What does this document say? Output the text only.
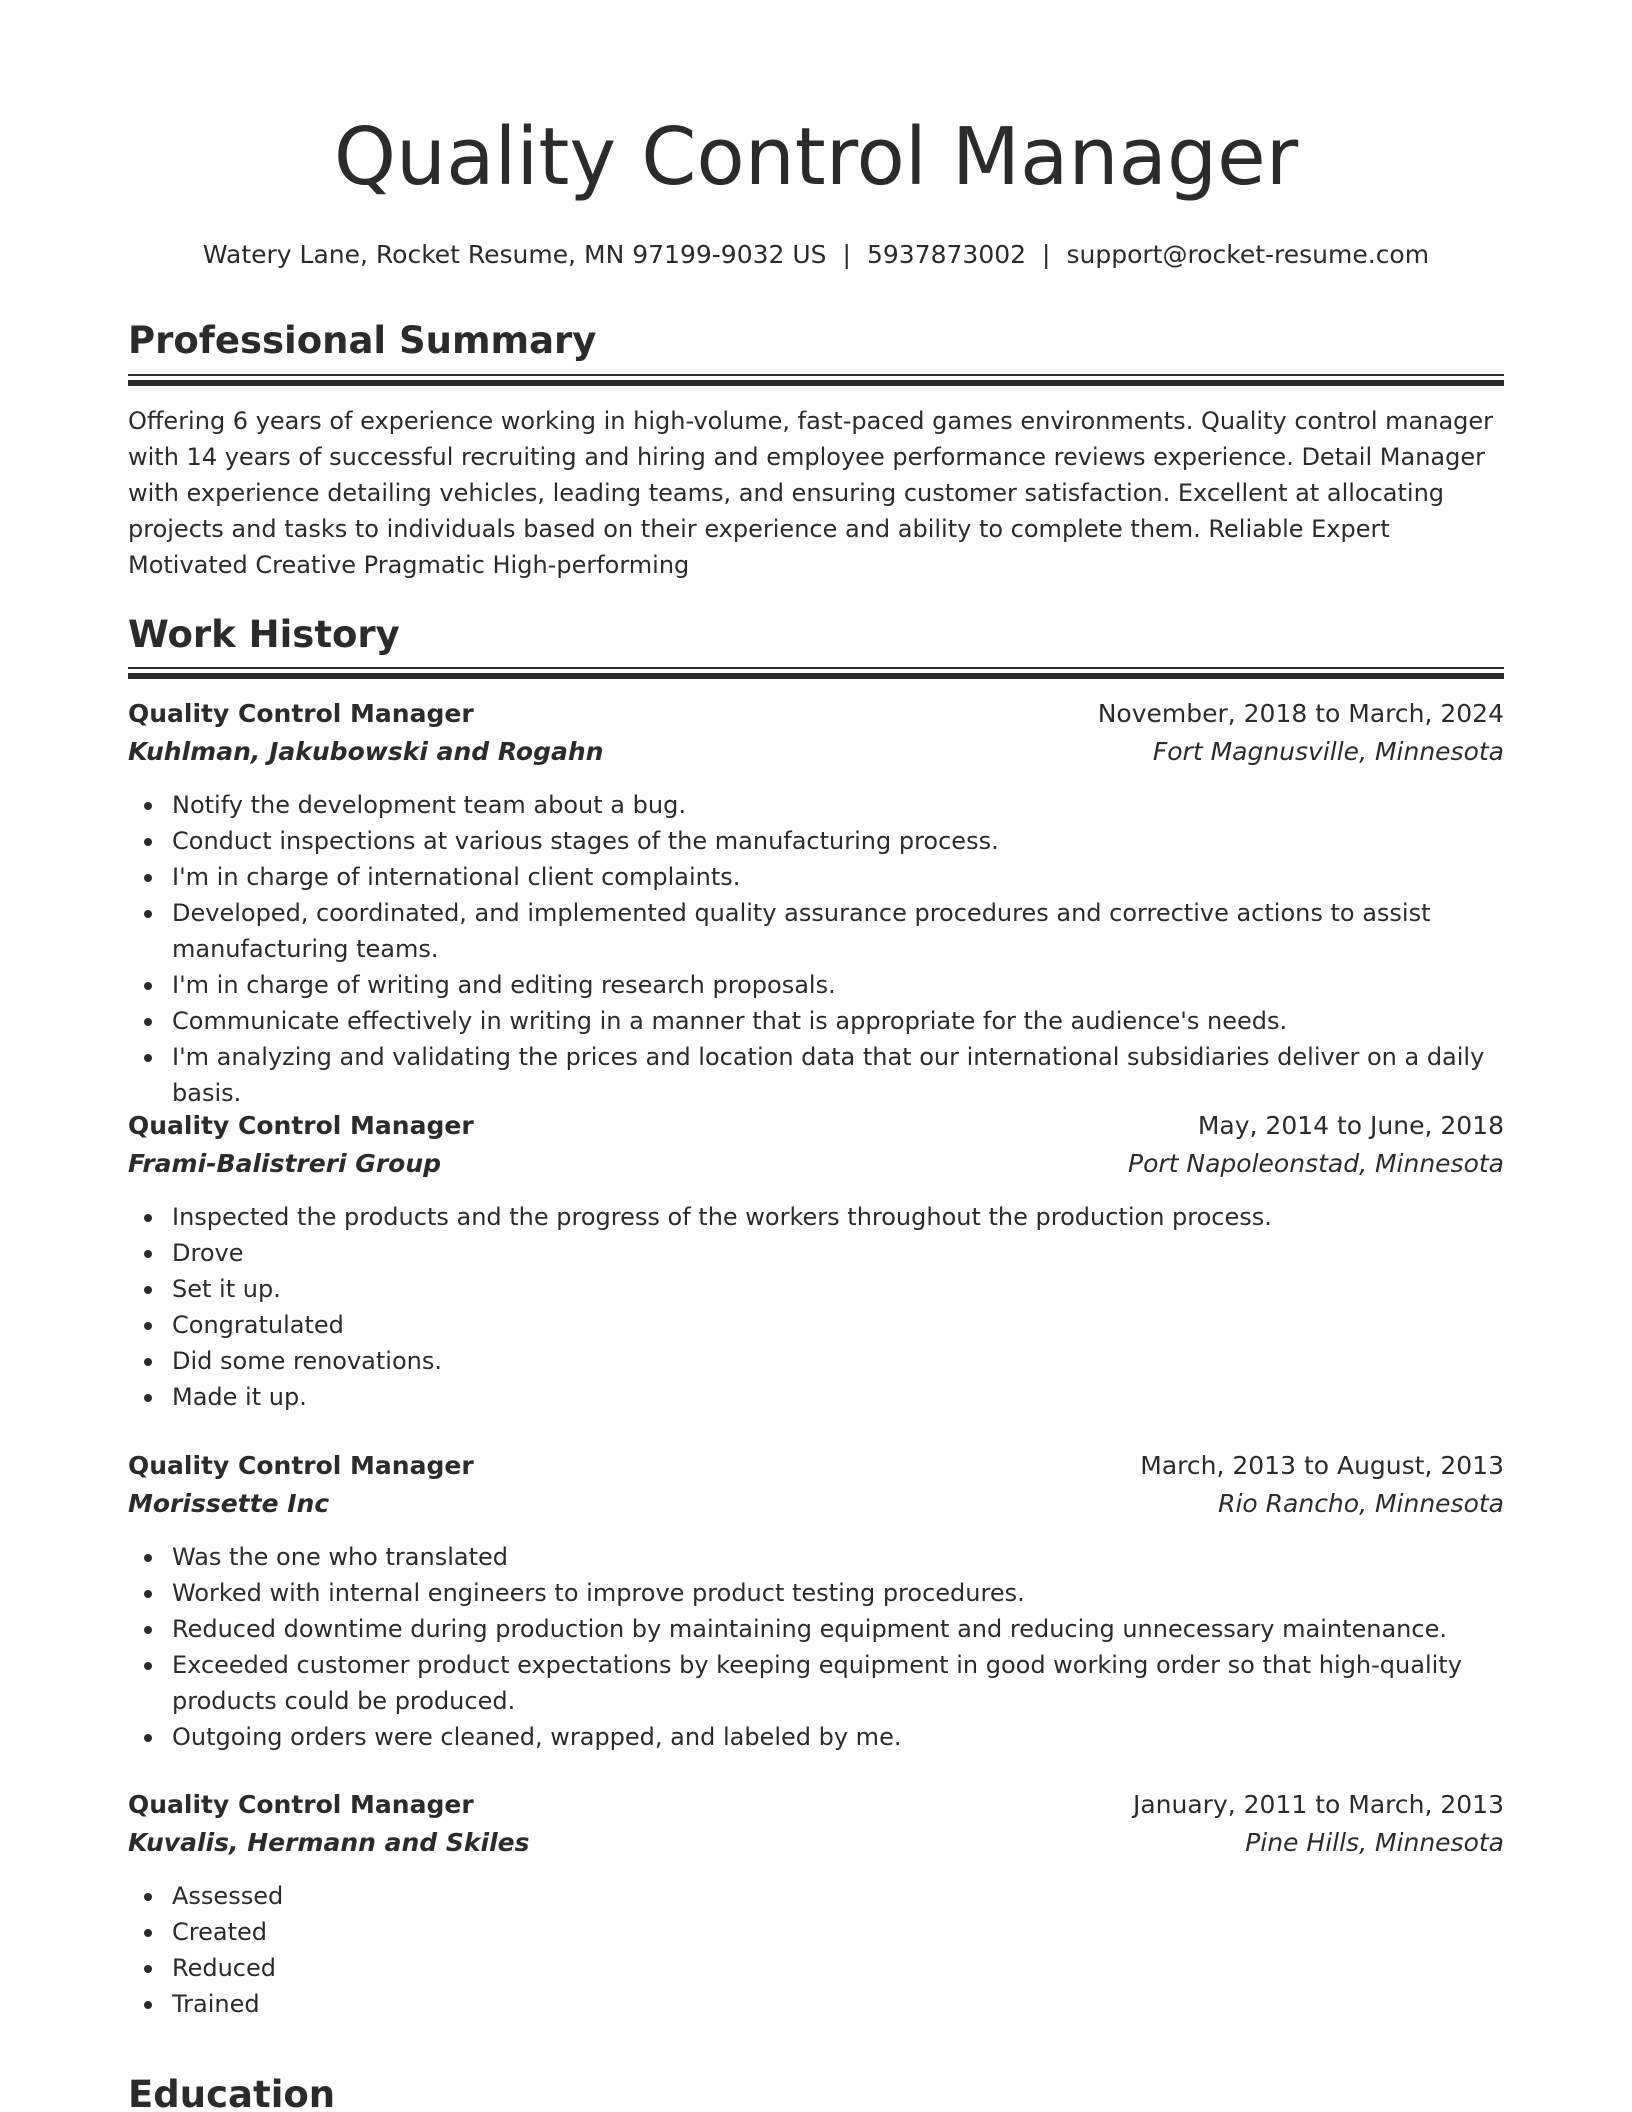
Quality Control Manager
Watery Lane, Rocket Resume, MN 97199-9032 US | 5937873002 | support@rocket-resume.com
Professional Summary

Offering 6 years of experience working in high-volume, fast-paced games environments. Quality control manager with 14 years of successful recruiting and hiring and employee performance reviews experience. Detail Manager with experience detailing vehicles, leading teams, and ensuring customer satisfaction. Excellent at allocating projects and tasks to individuals based on their experience and ability to complete them. Reliable Expert Motivated Creative Pragmatic High-performing

Work History
Quality Control Manager	November, 2018 to March, 2024
Kuhlman, Jakubowski and Rogahn	Fort Magnusville, Minnesota
Notify the development team about a bug.
Conduct inspections at various stages of the manufacturing process.
I'm in charge of international client complaints.
Developed, coordinated, and implemented quality assurance procedures and corrective actions to assist manufacturing teams.
I'm in charge of writing and editing research proposals.
Communicate effectively in writing in a manner that is appropriate for the audience's needs.
I'm analyzing and validating the prices and location data that our international subsidiaries deliver on a daily basis.
Quality Control Manager	May, 2014 to June, 2018
Frami-Balistreri Group	Port Napoleonstad, Minnesota
Inspected the products and the progress of the workers throughout the production process.
Drove
Set it up.
Congratulated
Did some renovations.
Made it up.
Quality Control Manager	March, 2013 to August, 2013
Morissette Inc	Rio Rancho, Minnesota
Was the one who translated
Worked with internal engineers to improve product testing procedures.
Reduced downtime during production by maintaining equipment and reducing unnecessary maintenance.
Exceeded customer product expectations by keeping equipment in good working order so that high-quality products could be produced.
Outgoing orders were cleaned, wrapped, and labeled by me.
Quality Control Manager	January, 2011 to March, 2013
Kuvalis, Hermann and Skiles	Pine Hills, Minnesota
Assessed
Created
Reduced
Trained
Education
